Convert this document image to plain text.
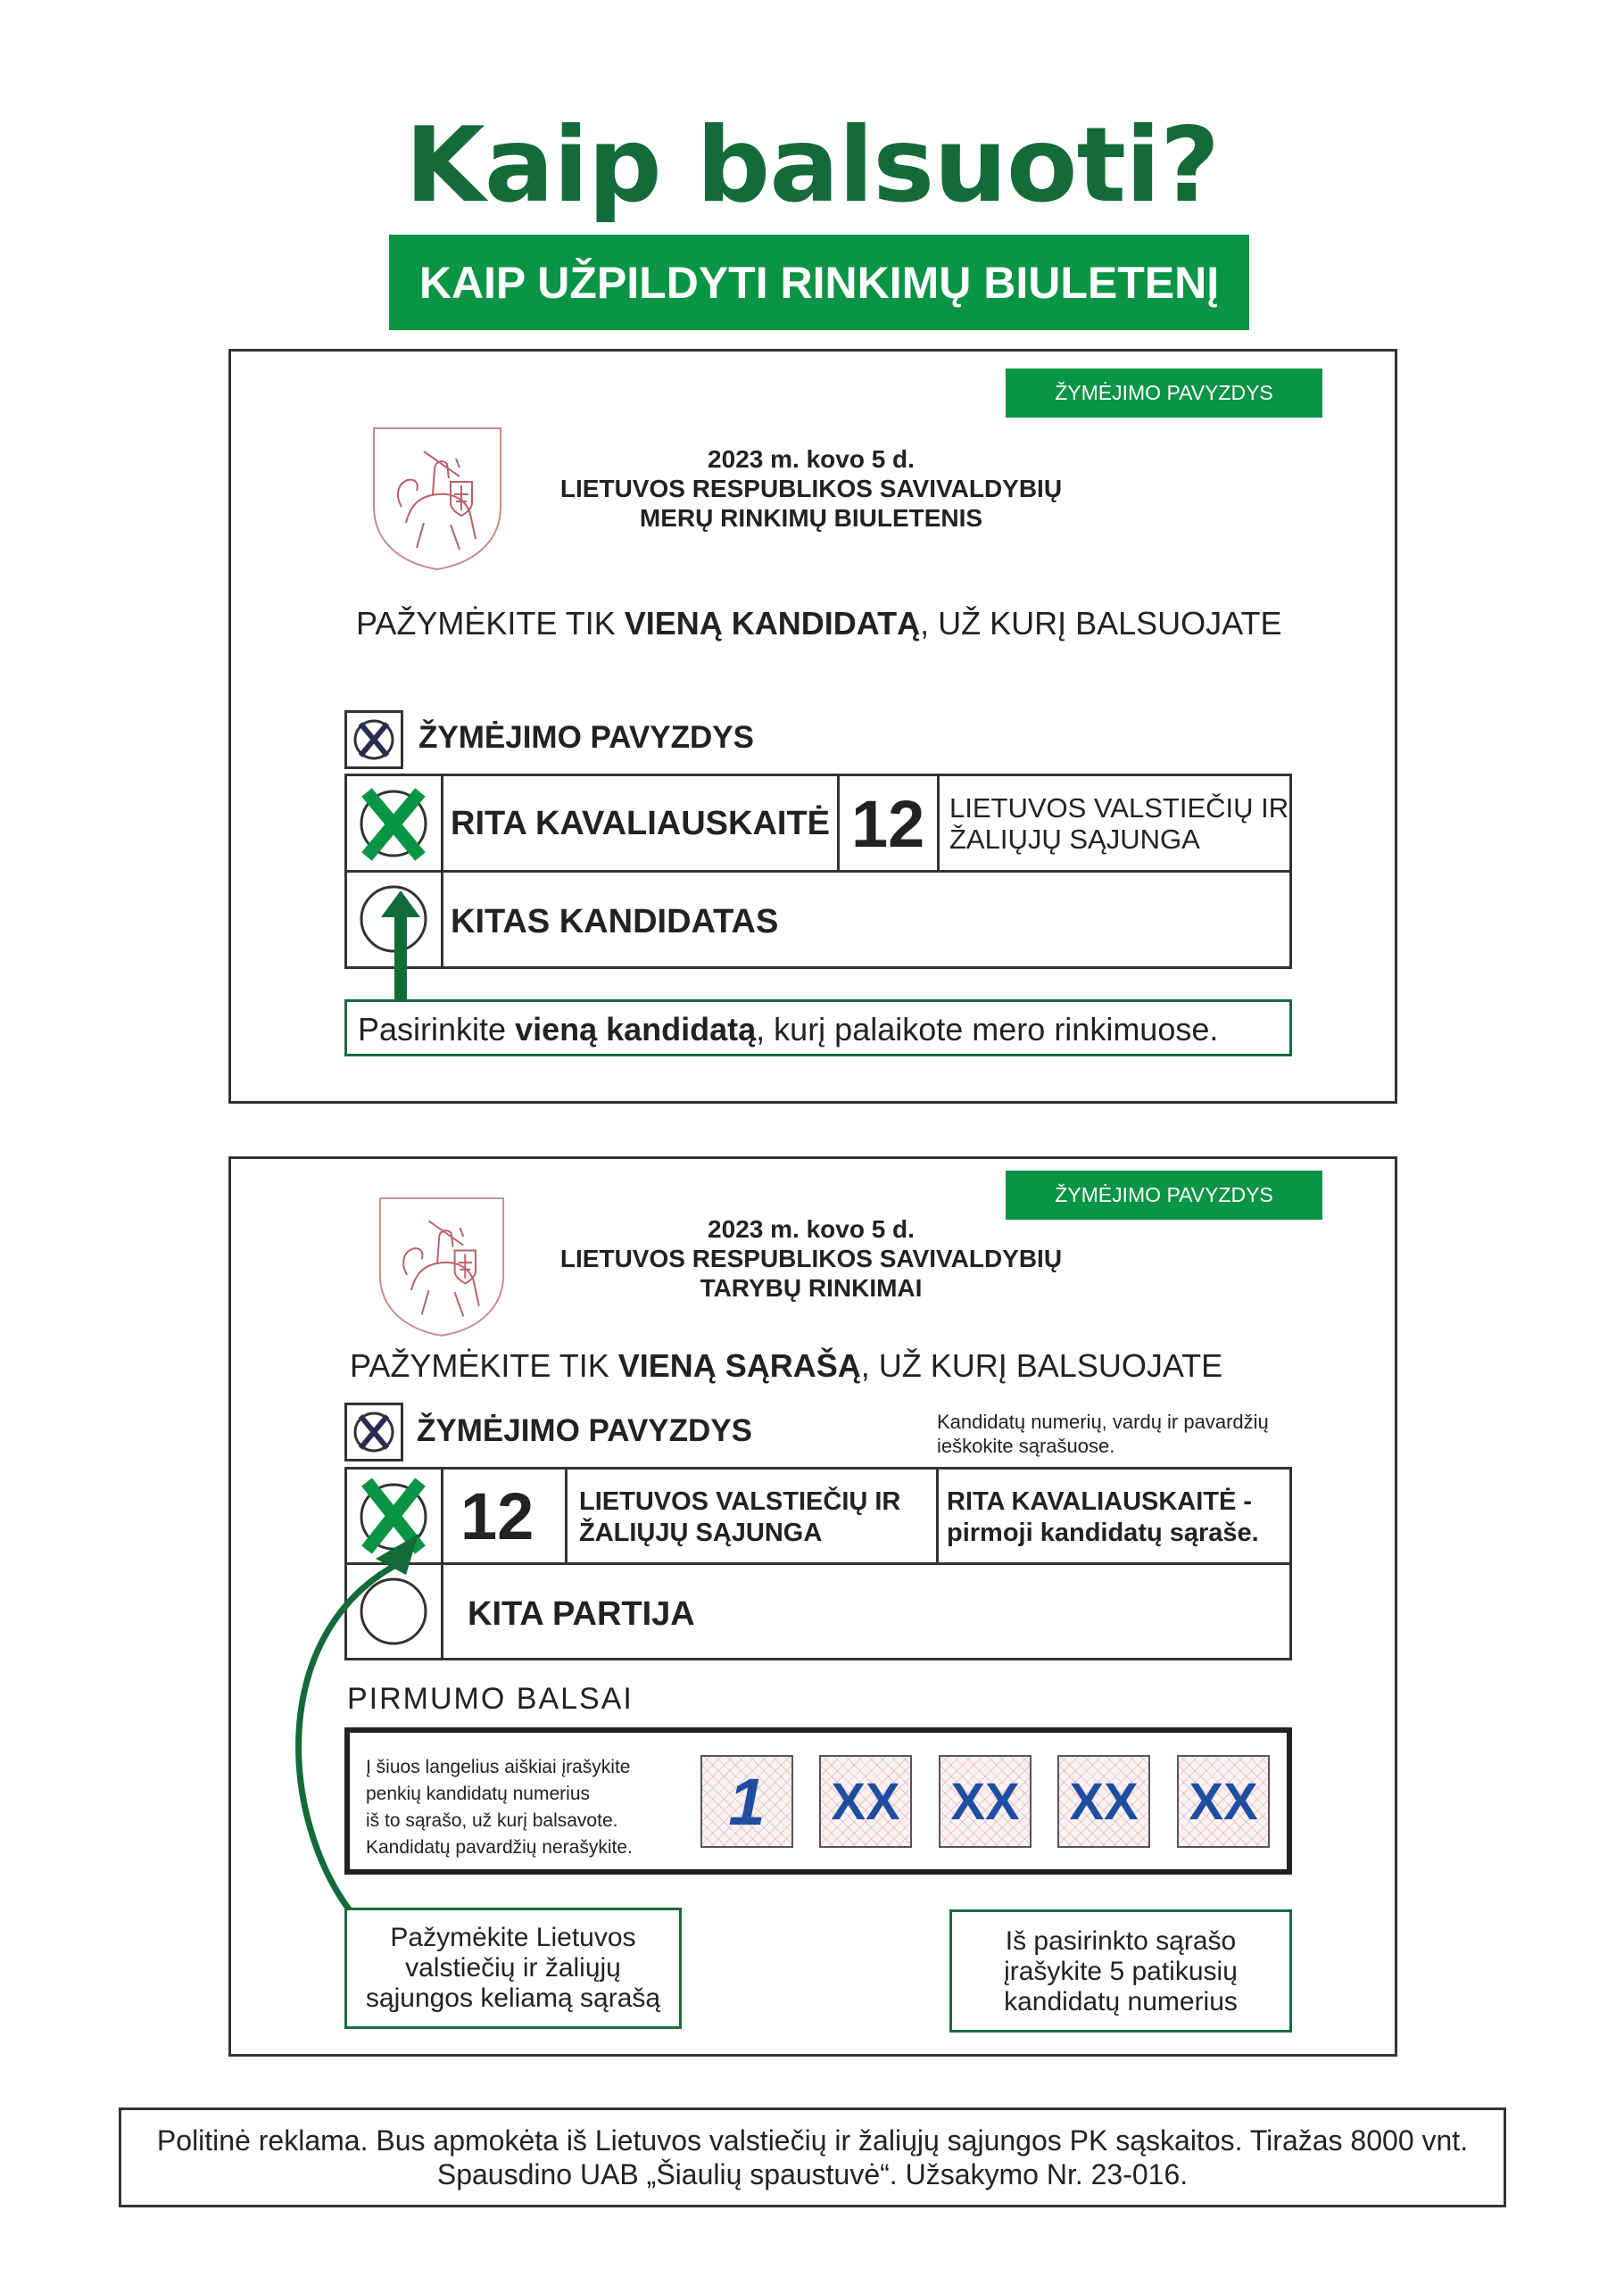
Kaip balsuoti?
KAIP UŽPILDYTI RINKIMŲ BIULETENĮ
ŽYMĖJIMO PAVYZDYS
2023 m. kovo 5 d.
LIETUVOS RESPUBLIKOS SAVIVALDYBIŲ
MERŲ RINKIMŲ BIULETENIS
PAŽYMĖKITE TIK VIENĄ KANDIDATĄ, UŽ KURĮ BALSUOJATE
ŽYMĖJIMO PAVYZDYS
RITA KAVALIAUSKAITĖ 12 LIETUVOS VALSTIEČIŲ IR
ŽALIŲJŲ SĄJUNGA
KITAS KANDIDATAS
Pasirinkite vieną kandidatą, kurį palaikote mero rinkimuose.
ŽYMĖJIMO PAVYZDYS
2023 m. kovo 5 d.
LIETUVOS RESPUBLIKOS SAVIVALDYBIŲ
TARYBŲ RINKIMAI
PAŽYMĖKITE TIK VIENĄ SĄRAŠĄ, UŽ KURĮ BALSUOJATE
ŽYMĖJIMO PAVYZDYS	Kandidatų numerių, vardų ir pavardžių
ieškokite sąrašuose.
12 LIETUVOS VALSTIEČIŲ IR
ŽALIŲJŲ SĄJUNGA
RITA KAVALIAUSKAITĖ -
pirmoji kandidatų sąraše.
KITA PARTIJA
PIRMUMO BALSAI
Į šiuos langelius aiškiai įrašykite
penkių kandidatų numerius
iš to sąrašo, už kurį balsavote.
Kandidatų pavardžių nerašykite.
1	XX XX XX XX
Pažymėkite Lietuvos
valstiečių ir žaliųjų
sąjungos keliamą sąrašą
Iš pasirinkto sąrašo
įrašykite 5 patikusių
kandidatų numerius
Politinė reklama. Bus apmokėta iš Lietuvos valstiečių ir žaliųjų sąjungos PK sąskaitos. Tiražas 8000 vnt.
Spausdino UAB „Šiaulių spaustuvė“. Užsakymo Nr. 23-016.
